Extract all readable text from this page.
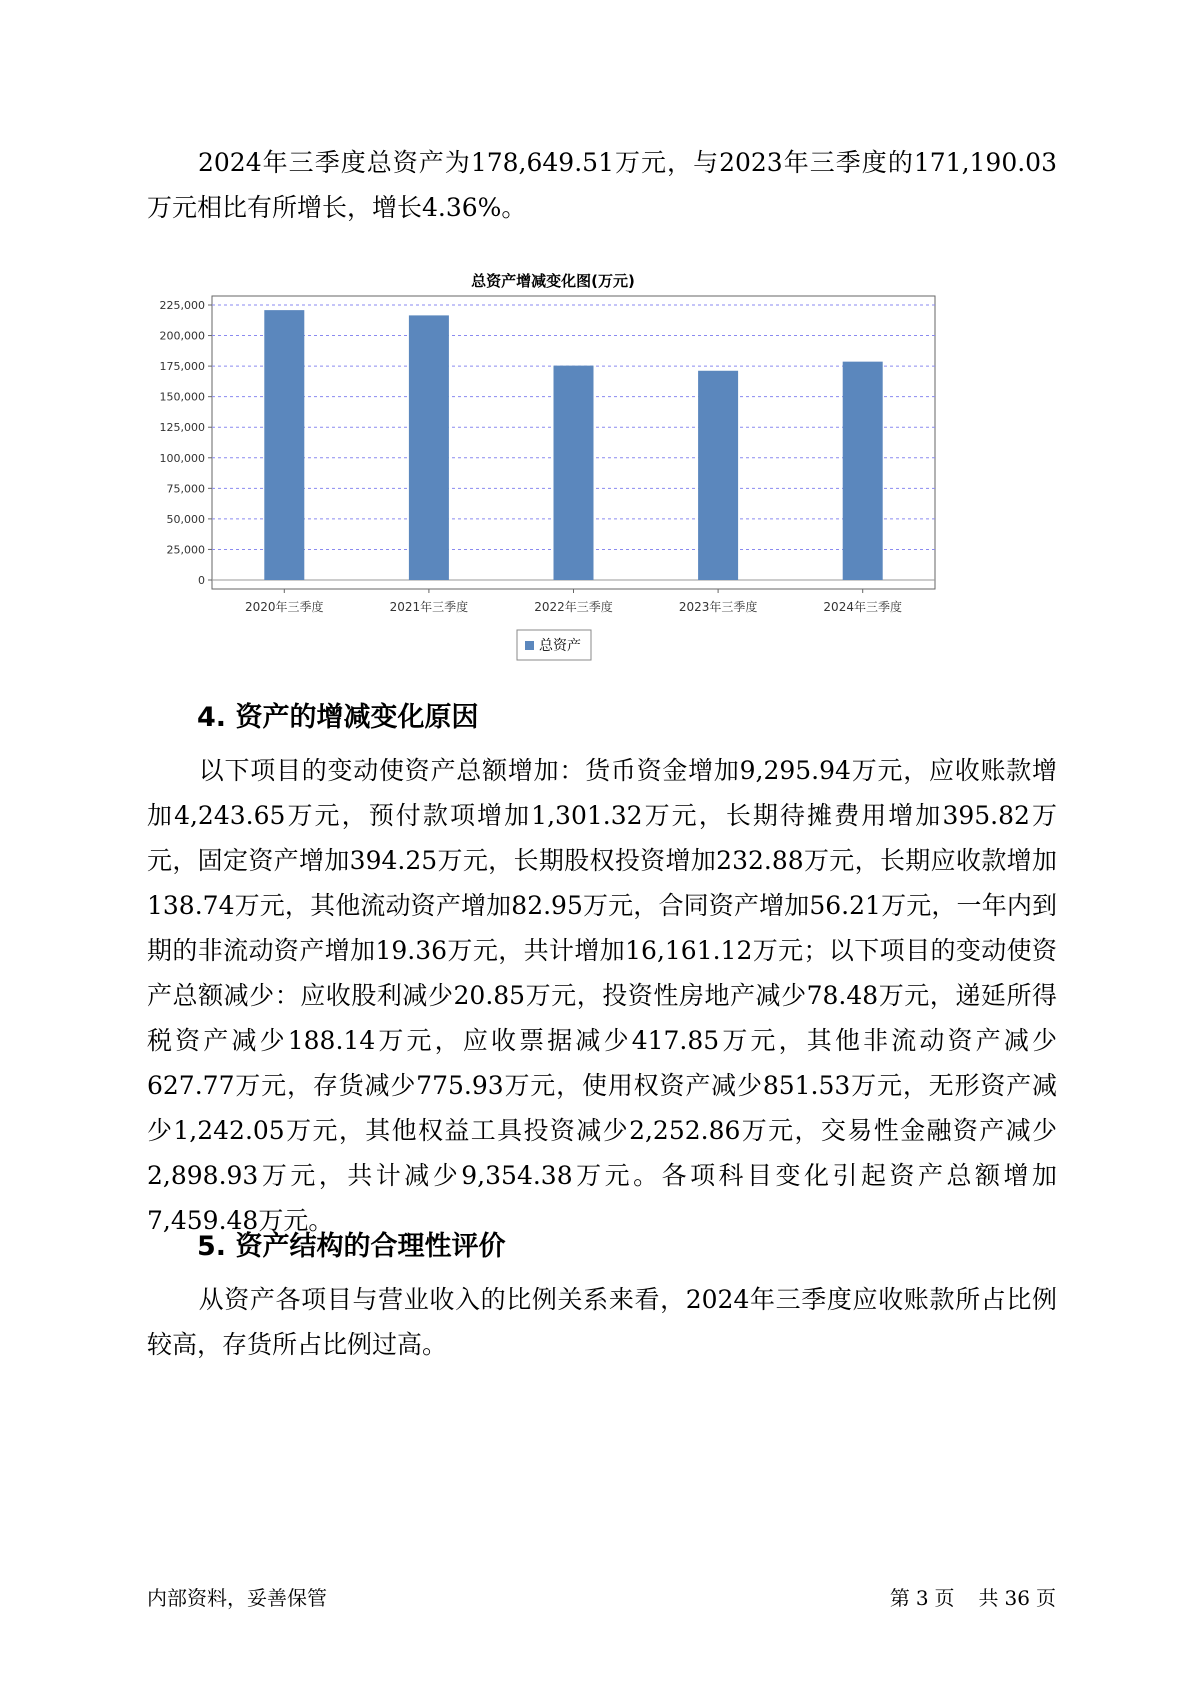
2024年三季度总资产为178,649.51万元，与2023年三季度的171,190.03万元相比有所增长，增长4.36%。

总资产增减变化图(万元)
0
25,000
50,000
75,000
100,000
125,000
150,000
175,000
200,000
225,000
2020年三季度	2021年三季度	2022年三季度	2023年三季度	2024年三季度
总资产
4. 资产的增减变化原因

以下项目的变动使资产总额增加：货币资金增加9,295.94万元，应收账款增加4,243.65万元，预付款项增加1,301.32万元，长期待摊费用增加395.82万元，固定资产增加394.25万元，长期股权投资增加232.88万元，长期应收款增加138.74万元，其他流动资产增加82.95万元，合同资产增加56.21万元，一年内到期的非流动资产增加19.36万元，共计增加16,161.12万元；以下项目的变动使资产总额减少：应收股利减少20.85万元，投资性房地产减少78.48万元，递延所得税资产减少188.14万元，应收票据减少417.85万元，其他非流动资产减少627.77万元，存货减少775.93万元，使用权资产减少851.53万元，无形资产减少1,242.05万元，其他权益工具投资减少2,252.86万元，交易性金融资产减少2,898.93万元，共计减少9,354.38万元。各项科目变化引起资产总额增加7,459.48万元。

5. 资产结构的合理性评价

从资产各项目与营业收入的比例关系来看，2024年三季度应收账款所占比例较高，存货所占比例过高。

内部资料，妥善保管	第 3 页 共 36 页
